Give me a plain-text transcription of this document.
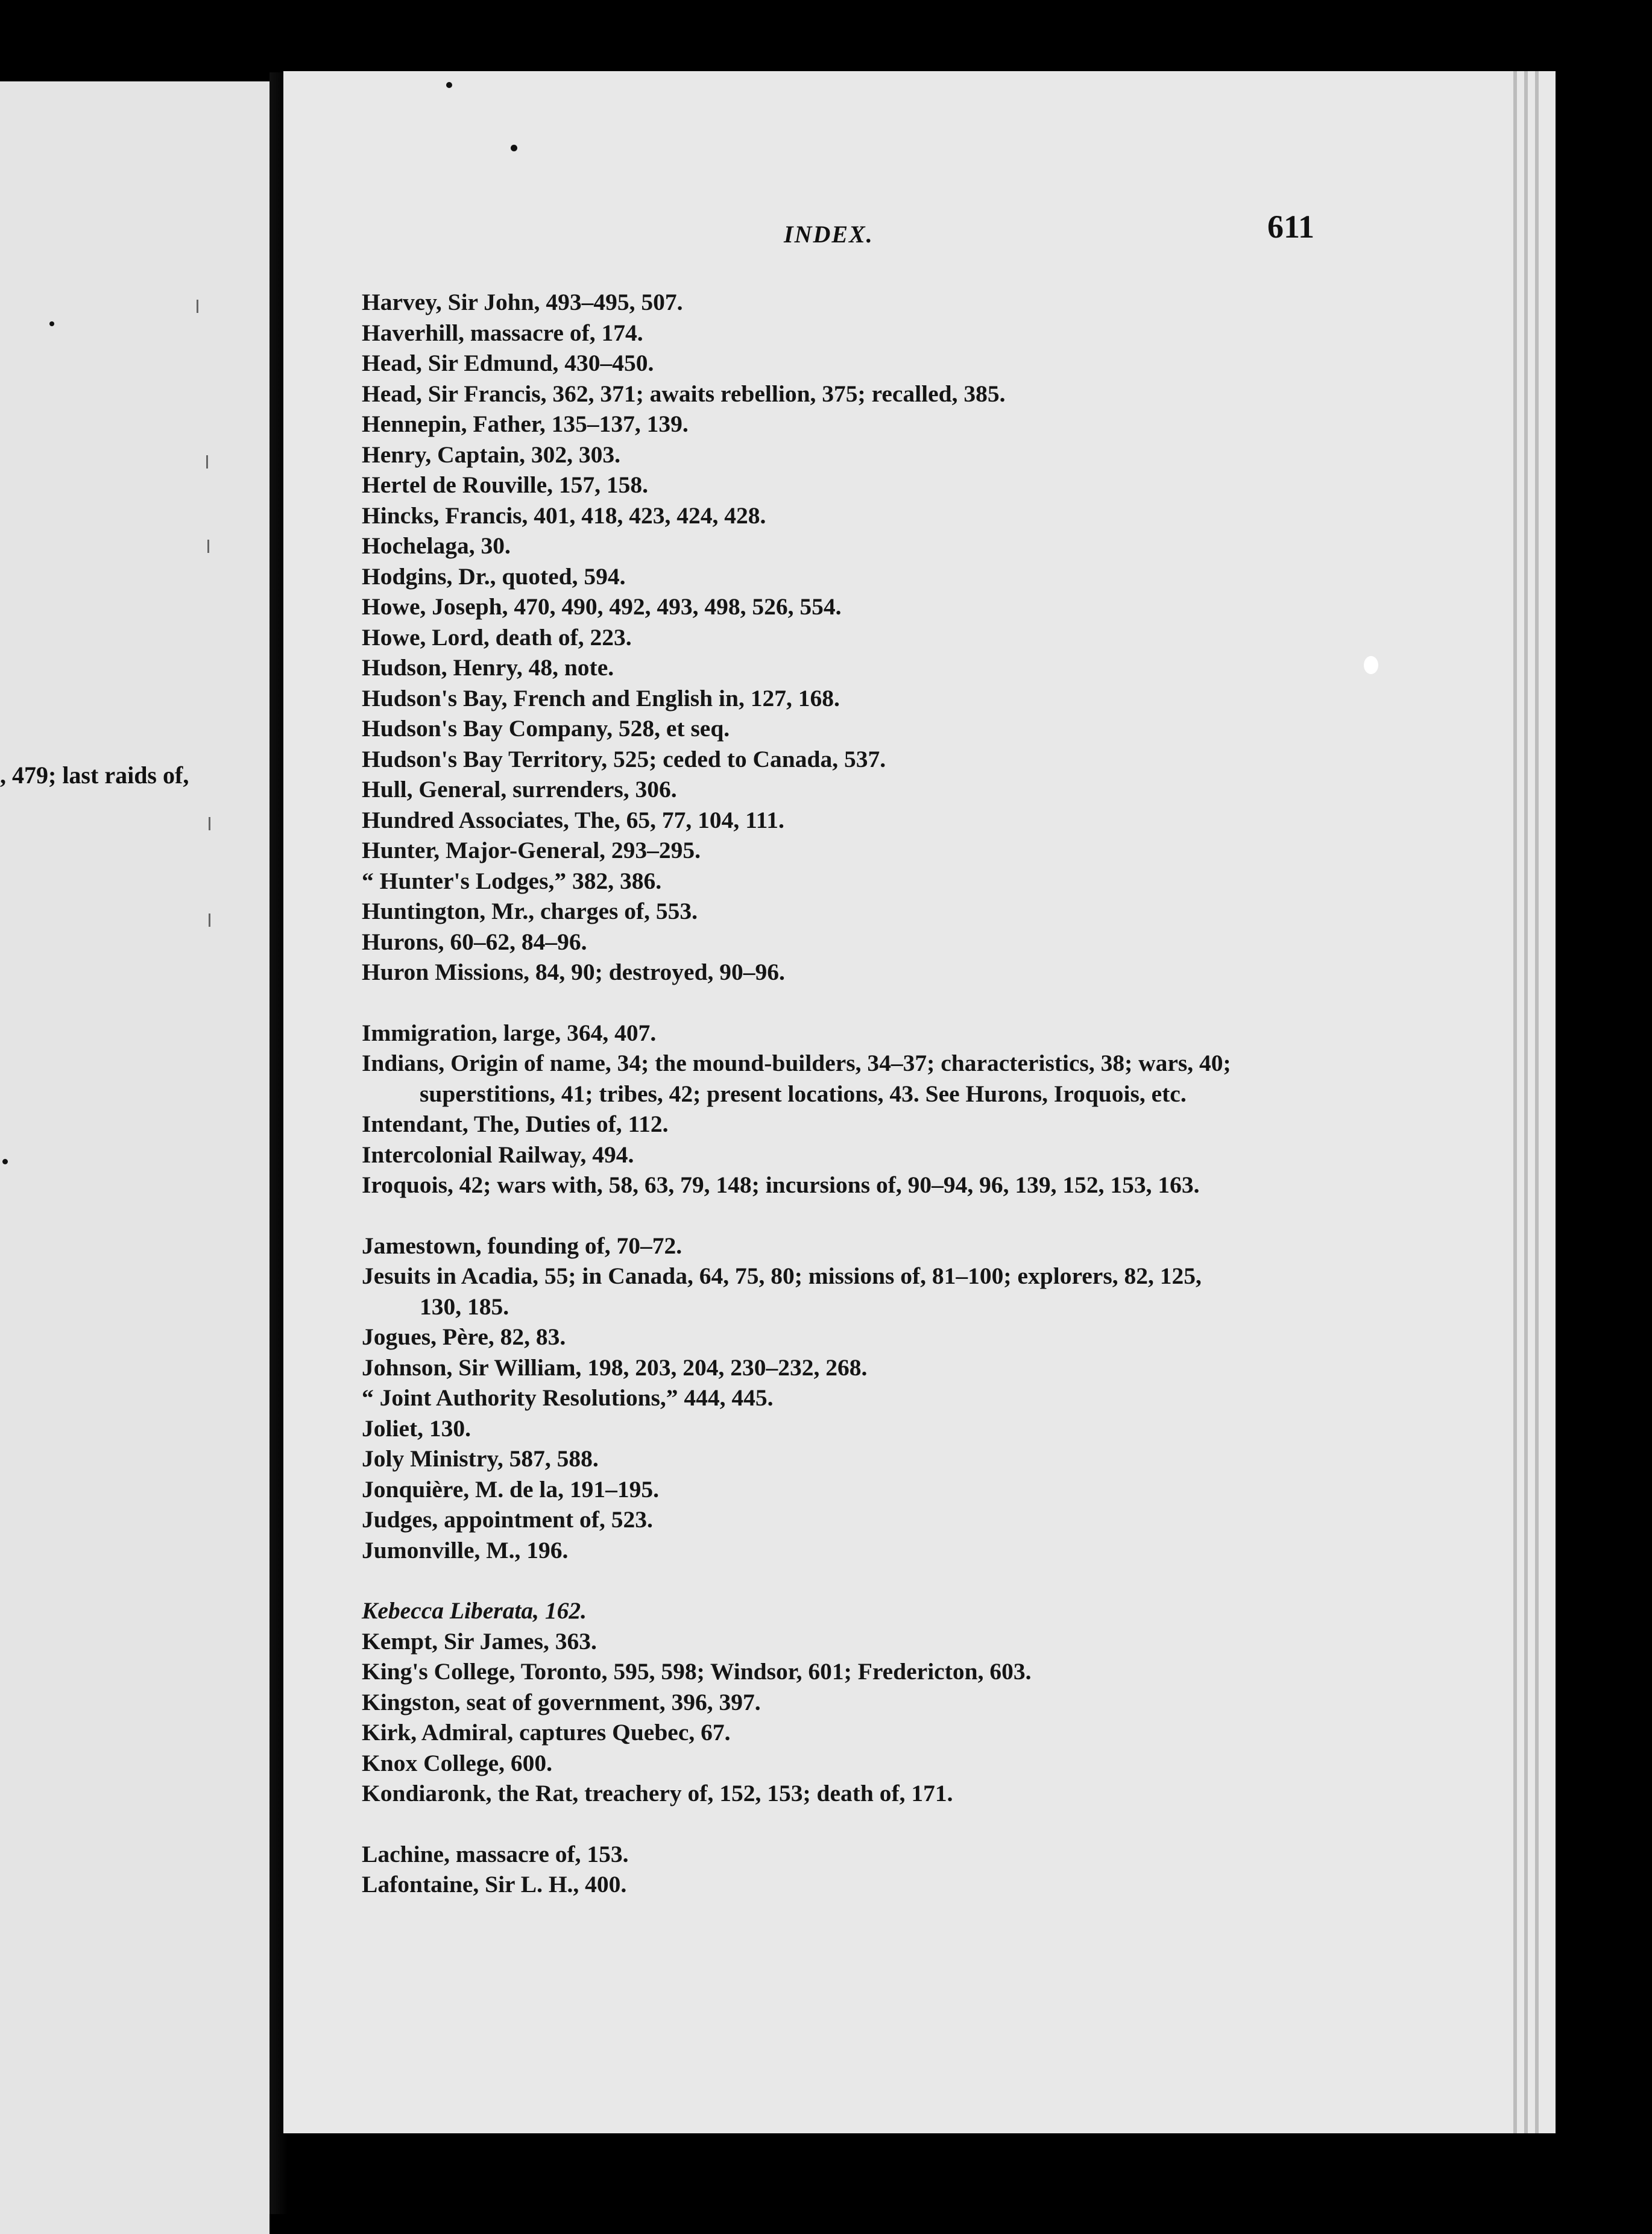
, 479; last raids of,
INDEX.	611
Harvey, Sir John, 493–495, 507.
Haverhill, massacre of, 174.
Head, Sir Edmund, 430–450.
Head, Sir Francis, 362, 371; awaits rebellion, 375; recalled, 385.
Hennepin, Father, 135–137, 139.
Henry, Captain, 302, 303.
Hertel de Rouville, 157, 158.
Hincks, Francis, 401, 418, 423, 424, 428.
Hochelaga, 30.
Hodgins, Dr., quoted, 594.
Howe, Joseph, 470, 490, 492, 493, 498, 526, 554.
Howe, Lord, death of, 223.
Hudson, Henry, 48, note.
Hudson's Bay, French and English in, 127, 168.
Hudson's Bay Company, 528, et seq.
Hudson's Bay Territory, 525; ceded to Canada, 537.
Hull, General, surrenders, 306.
Hundred Associates, The, 65, 77, 104, 111.
Hunter, Major-General, 293–295.
“ Hunter's Lodges,” 382, 386.
Huntington, Mr., charges of, 553.
Hurons, 60–62, 84–96.
Huron Missions, 84, 90; destroyed, 90–96.
Immigration, large, 364, 407.
Indians, Origin of name, 34; the mound-builders, 34–37; characteristics, 38; wars, 40;
superstitions, 41; tribes, 42; present locations, 43. See Hurons, Iroquois, etc.
Intendant, The, Duties of, 112.
Intercolonial Railway, 494.
Iroquois, 42; wars with, 58, 63, 79, 148; incursions of, 90–94, 96, 139, 152, 153, 163.
Jamestown, founding of, 70–72.
Jesuits in Acadia, 55; in Canada, 64, 75, 80; missions of, 81–100; explorers, 82, 125,
130, 185.
Jogues, Père, 82, 83.
Johnson, Sir William, 198, 203, 204, 230–232, 268.
“ Joint Authority Resolutions,” 444, 445.
Joliet, 130.
Joly Ministry, 587, 588.
Jonquière, M. de la, 191–195.
Judges, appointment of, 523.
Jumonville, M., 196.
Kebecca Liberata, 162.
Kempt, Sir James, 363.
King's College, Toronto, 595, 598; Windsor, 601; Fredericton, 603.
Kingston, seat of government, 396, 397.
Kirk, Admiral, captures Quebec, 67.
Knox College, 600.
Kondiaronk, the Rat, treachery of, 152, 153; death of, 171.
Lachine, massacre of, 153.
Lafontaine, Sir L. H., 400.
